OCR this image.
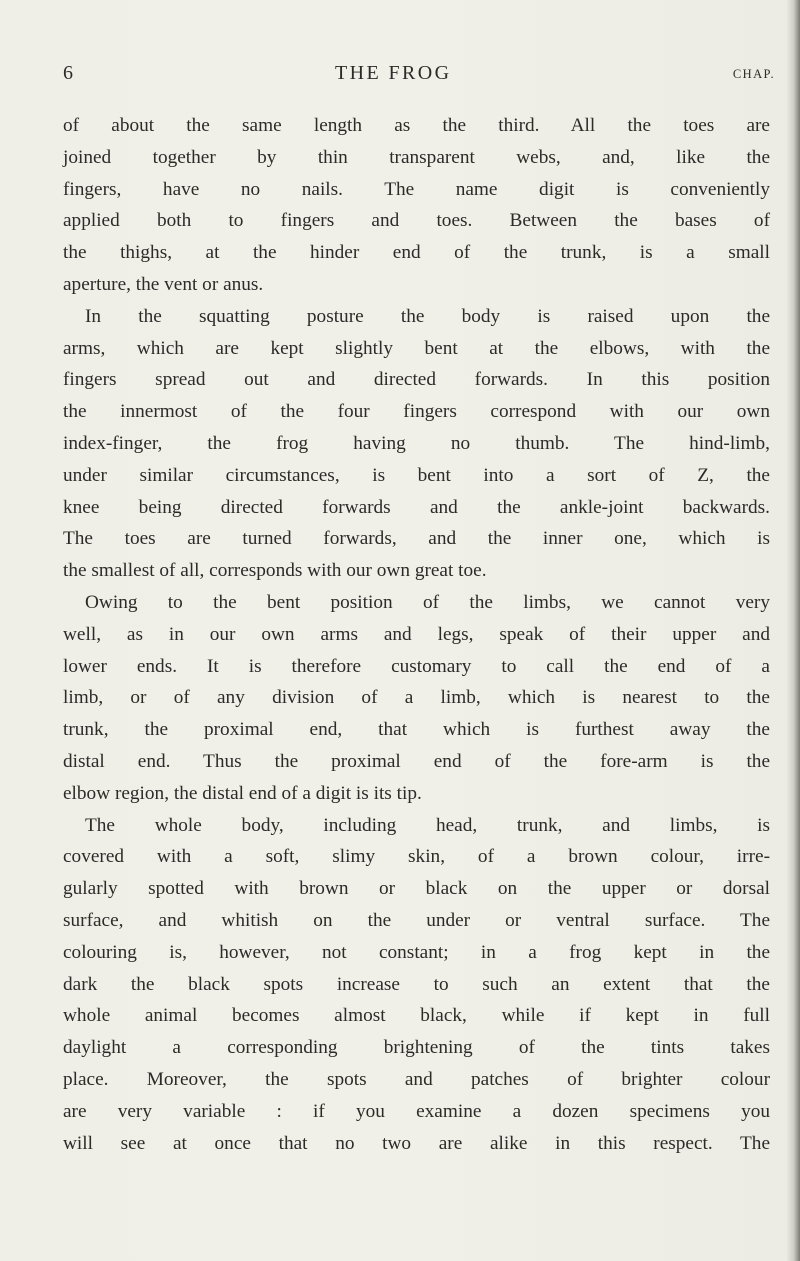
6	THE FROG	CHAP.
of about the same length as the third. All the toes are
joined together by thin transparent webs, and, like the
fingers, have no nails. The name digit is conveniently
applied both to fingers and toes. Between the bases of
the thighs, at the hinder end of the trunk, is a small
aperture, the vent or anus.
In the squatting posture the body is raised upon the
arms, which are kept slightly bent at the elbows, with the
fingers spread out and directed forwards. In this position
the innermost of the four fingers correspond with our own
index-finger, the frog having no thumb. The hind-limb,
under similar circumstances, is bent into a sort of Z, the
knee being directed forwards and the ankle-joint backwards.
The toes are turned forwards, and the inner one, which is
the smallest of all, corresponds with our own great toe.
Owing to the bent position of the limbs, we cannot very
well, as in our own arms and legs, speak of their upper and
lower ends. It is therefore customary to call the end of a
limb, or of any division of a limb, which is nearest to the
trunk, the proximal end, that which is furthest away the
distal end. Thus the proximal end of the fore-arm is the
elbow region, the distal end of a digit is its tip.
The whole body, including head, trunk, and limbs, is
covered with a soft, slimy skin, of a brown colour, irre-
gularly spotted with brown or black on the upper or dorsal
surface, and whitish on the under or ventral surface. The
colouring is, however, not constant; in a frog kept in the
dark the black spots increase to such an extent that the
whole animal becomes almost black, while if kept in full
daylight a corresponding brightening of the tints takes
place. Moreover, the spots and patches of brighter colour
are very variable : if you examine a dozen specimens you
will see at once that no two are alike in this respect. The
